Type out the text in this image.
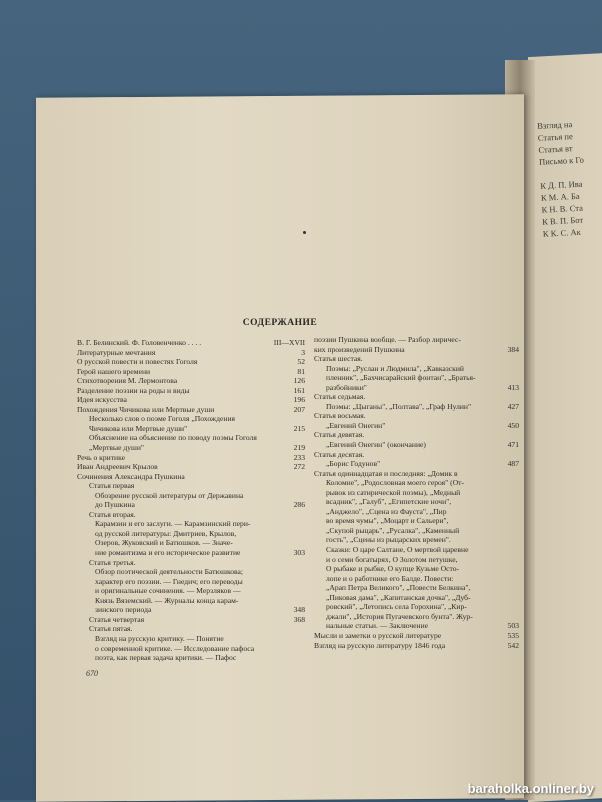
Взгляд на
Статья пе
Статья вт
Письмо к Го

К Д. П. Ива
К М. А. Ба
К Н. В. Ста
К В. П. Бот
К К. С. Ак
СОДЕРЖАНИЕ
В. Г. Белинский. Ф. Головенченко . . . .	III—XVII
Литературные мечтания	3
О русской повести и повестях Гоголя	52
Герой нашего времени	81
Стихотворения М. Лермонтова	126
Разделение поэзии на роды и виды	161
Идея искусства	196
Похождения Чичикова или Мертвые души	207
Несколько слов о поэме Гоголя „Похождения
Чичикова или Мертвые души"	215
Объяснение на объяснение по поводу поэмы Гоголя
„Мертвые души"	219
Речь о критике	233
Иван Андреевич Крылов	272
Сочинения Александра Пушкина
Статья первая
Обозрение русской литературы от Державина
до Пушкина	286
Статья вторая.
Карамзин и его заслуги. — Карамзинский пери-
од русской литературы: Дмитриев, Крылов,
Озеров, Жуковский и Батюшков. — Значе-
ние романтизма и его историческое развитие	303
Статья третья.
Обзор поэтической деятельности Батюшкова;
характер его поэзии. — Гнедич; его переводы
и оригинальные сочинения. — Мерзляков —
Князь Вяземский. — Журналы конца карам-
зинского периода	348
Статья четвертая	368
Статья пятая.
Взгляд на русскую критику. — Понятие
о современной критике. — Исследование пафоса
поэта, как первая задача критики. — Пафос
поэзии Пушкина вообще. — Разбор лиричес-
ких произведений Пушкина	384
Статья шестая.
Поэмы: „Руслан и Людмила", „Кавказский
пленник", „Бахчисарайский фонтан", „Братья-
разбойники"	413
Статья седьмая.
Поэмы: „Цыганы", „Полтава", „Граф Нулин"	427
Статья восьмая.
„Евгений Онегин"	450
Статья девятая.
„Евгений Онегин" (окончание)	471
Статья десятая.
„Борис Годунов"	487
Статья одиннадцатая и последняя: „Домик в
Коломне", „Родословная моего героя" (От-
рывок из сатирической поэмы), „Медный
всадник", „Галуб", „Египетские ночи",
„Анджело", „Сцена из Фауста", „Пир
во время чумы", „Моцарт и Сальери",
„Скупой рыцарь", „Русалка", „Каменный
гость", „Сцены из рыцарских времен".
Сказки: О царе Салтане, О мертвой царевне
и о семи богатырях, О Золотом петушке,
О рыбаке и рыбке, О купце Кузьме Осто-
лопе и о работнике его Балде. Повести:
„Арап Петра Великого", „Повести Белкина",
„Пиковая дама", „Капитанская дочка", „Дуб-
ровский", „Летопись села Горохина", „Кир-
джали", „История Пугачевского бунта". Жур-
нальные статьи. — Заключение	503
Мысли и заметки о русской литературе	535
Взгляд на русскую литературу 1846 года	542
670
baraholka.onliner.by
